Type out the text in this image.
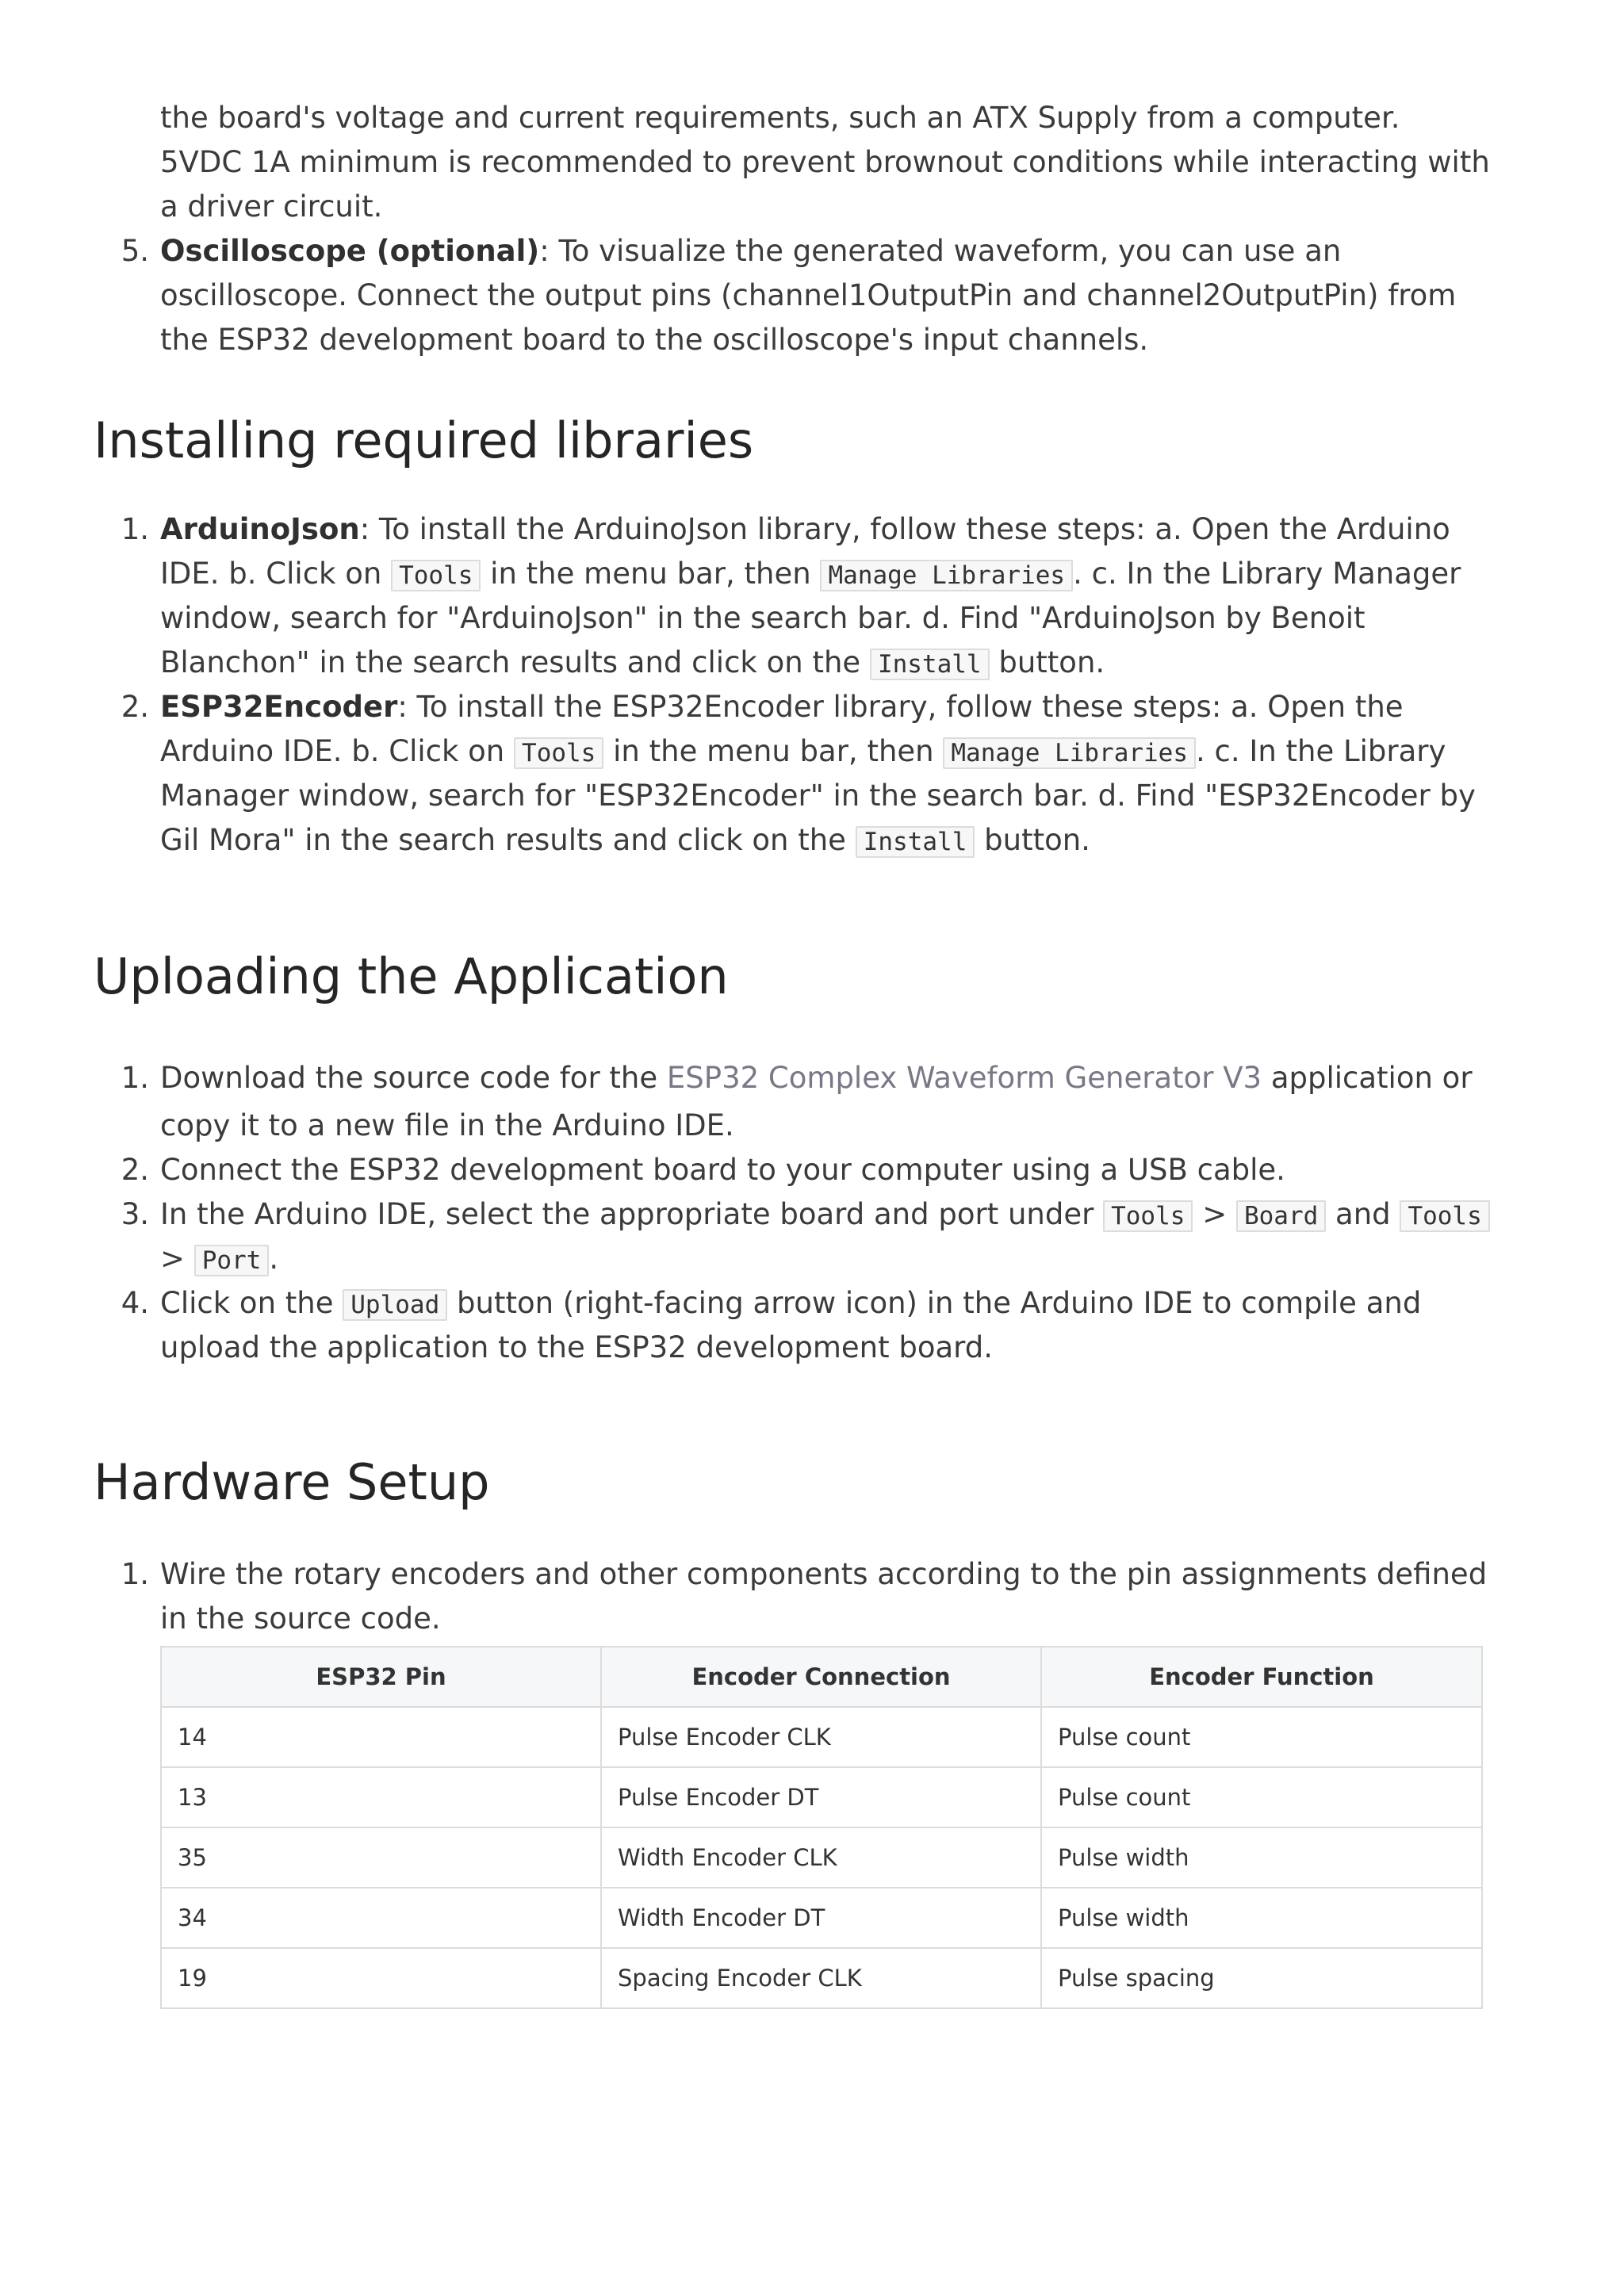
the board's voltage and current requirements, such an ATX Supply from a computer.
5VDC 1A minimum is recommended to prevent brownout conditions while interacting with
a driver circuit.
5. Oscilloscope (optional): To visualize the generated waveform, you can use an
oscilloscope. Connect the output pins (channel1OutputPin and channel2OutputPin) from
the ESP32 development board to the oscilloscope's input channels.
Installing required libraries
1. ArduinoJson: To install the ArduinoJson library, follow these steps: a. Open the Arduino
IDE. b. Click on Tools in the menu bar, then Manage Libraries . c. In the Library Manager
window, search for "ArduinoJson" in the search bar. d. Find "ArduinoJson by Benoit
Blanchon" in the search results and click on the Install button.
2. ESP32Encoder: To install the ESP32Encoder library, follow these steps: a. Open the
Arduino IDE. b. Click on Tools in the menu bar, then Manage Libraries . c. In the Library
Manager window, search for "ESP32Encoder" in the search bar. d. Find "ESP32Encoder by
Gil Mora" in the search results and click on the Install button.
Uploading the Application
1. Download the source code for the ESP32 Complex Waveform Generator V3 application or
copy it to a new file in the Arduino IDE.
2. Connect the ESP32 development board to your computer using a USB cable.
3. In the Arduino IDE, select the appropriate board and port under Tools > Board and Tools
> Port .
4. Click on the Upload button (right-facing arrow icon) in the Arduino IDE to compile and
upload the application to the ESP32 development board.
Hardware Setup
1. Wire the rotary encoders and other components according to the pin assignments defined
in the source code.
ESP32 Pin	Encoder Connection	Encoder Function
14	Pulse Encoder CLK	Pulse count
13	Pulse Encoder DT	Pulse count
35	Width Encoder CLK	Pulse width
34	Width Encoder DT	Pulse width
19	Spacing Encoder CLK	Pulse spacing
